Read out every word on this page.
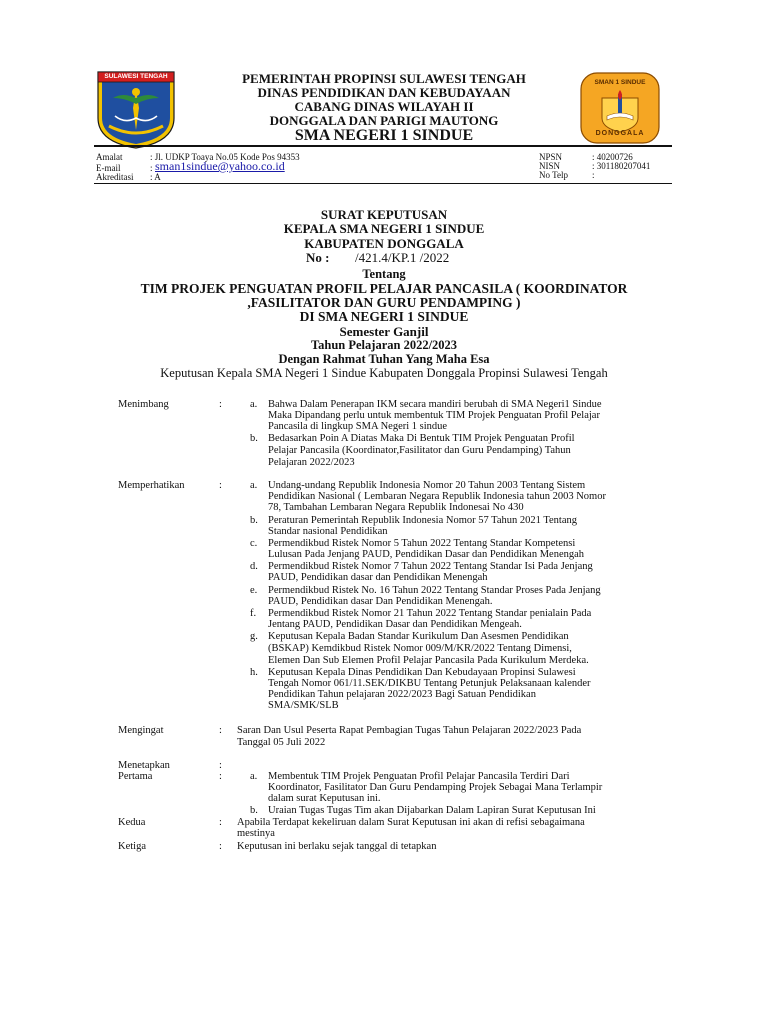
SULAWESI TENGAH
SMAN 1 SINDUE
DONGGALA
PEMERINTAH PROPINSI SULAWESI TENGAH
DINAS PENDIDIKAN DAN KEBUDAYAAN
CABANG DINAS WILAYAH II
DONGGALA DAN PARIGI MAUTONG
SMA NEGERI 1 SINDUE
Amalat	: Jl. UDKP Toaya No.05 Kode Pos 94353
E-mail	: sman1sindue@yahoo.co.id
Akreditasi : A
NPSN	: 40200726
NISN	: 301180207041
No Telp	:
SURAT KEPUTUSAN
KEPALA SMA NEGERI 1 SINDUE
KABUPATEN DONGGALA
No : /421.4/KP.1 /2022
Tentang
TIM PROJEK PENGUATAN PROFIL PELAJAR PANCASILA ( KOORDINATOR
,FASILITATOR DAN GURU PENDAMPING )
DI SMA NEGERI 1 SINDUE
Semester Ganjil
Tahun Pelajaran 2022/2023
Dengan Rahmat Tuhan Yang Maha Esa
Keputusan Kepala SMA Negeri 1 Sindue Kabupaten Donggala Propinsi Sulawesi Tengah
Menimbang	:	a. Bahwa Dalam Penerapan IKM secara mandiri berubah di SMA Negeri1 Sindue
Maka Dipandang perlu untuk membentuk TIM Projek Penguatan Profil Pelajar
Pancasila di lingkup SMA Negeri 1 sindue
b. Bedasarkan Poin A Diatas Maka Di Bentuk TIM Projek Penguatan Profil
Pelajar Pancasila (Koordinator,Fasilitator dan Guru Pendamping) Tahun
Pelajaran 2022/2023
Memperhatikan	:	a. Undang-undang Republik Indonesia Nomor 20 Tahun 2003 Tentang Sistem
Pendidikan Nasional ( Lembaran Negara Republik Indonesia tahun 2003 Nomor
78, Tambahan Lembaran Negara Republik Indonesai No 430
b. Peraturan Pemerintah Republik Indonesia Nomor 57 Tahun 2021 Tentang
Standar nasional Pendidikan
c. Permendikbud Ristek Nomor 5 Tahun 2022 Tentang Standar Kompetensi
Lulusan Pada Jenjang PAUD, Pendidikan Dasar dan Pendidikan Menengah
d. Permendikbud Ristek Nomor 7 Tahun 2022 Tentang Standar Isi Pada Jenjang
PAUD, Pendidikan dasar dan Pendidikan Menengah
e. Permendikbud Ristek No. 16 Tahun 2022 Tentang Standar Proses Pada Jenjang
PAUD, Pendidikan dasar Dan Pendidikan Menengah.
f. Permendikbud Ristek Nomor 21 Tahun 2022 Tentang Standar penialain Pada
Jentang PAUD, Pendidikan Dasar dan Pendidikan Mengeah.
g. Keputusan Kepala Badan Standar Kurikulum Dan Asesmen Pendidikan
(BSKAP) Kemdikbud Ristek Nomor 009/M/KR/2022 Tentang Dimensi,
Elemen Dan Sub Elemen Profil Pelajar Pancasila Pada Kurikulum Merdeka.
h. Keputusan Kepala Dinas Pendidikan Dan Kebudayaan Propinsi Sulawesi
Tengah Nomor 061/11.SEK/DIKBU Tentang Petunjuk Pelaksanaan kalender
Pendidikan Tahun pelajaran 2022/2023 Bagi Satuan Pendidikan
SMA/SMK/SLB
Mengingat	: Saran Dan Usul Peserta Rapat Pembagian Tugas Tahun Pelajaran 2022/2023 Pada
Tanggal 05 Juli 2022
Menetapkan	:
Pertama	:	a. Membentuk TIM Projek Penguatan Profil Pelajar Pancasila Terdiri Dari
Koordinator, Fasilitator Dan Guru Pendamping Projek Sebagai Mana Terlampir
dalam surat Keputusan ini.
b. Uraian Tugas Tugas Tim akan Dijabarkan Dalam Lapiran Surat Keputusan Ini
Kedua	: Apabila Terdapat kekeliruan dalam Surat Keputusan ini akan di refisi sebagaimana
mestinya
Ketiga	: Keputusan ini berlaku sejak tanggal di tetapkan
